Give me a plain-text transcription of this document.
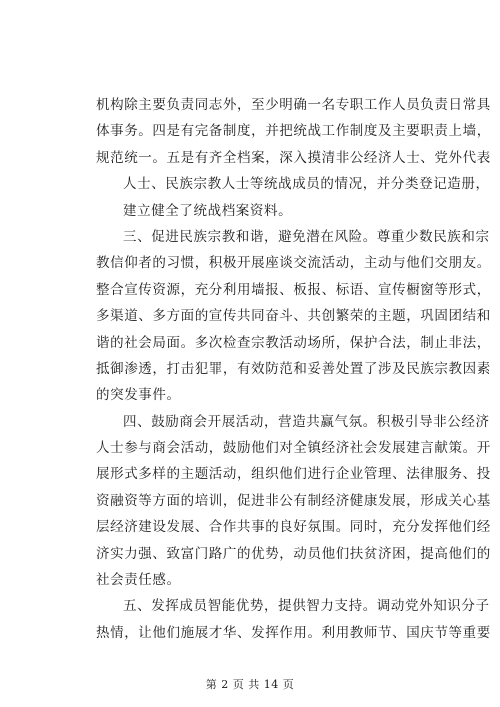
机构除主要负责同志外，至少明确一名专职工作人员负责日常具
体事务。四是有完备制度，并把统战工作制度及主要职责上墙，
规范统一。五是有齐全档案，深入摸清非公经济人士、党外代表
人士、民族宗教人士等统战成员的情况，并分类登记造册，
建立健全了统战档案资料。
三、促进民族宗教和谐，避免潜在风险。尊重少数民族和宗
教信仰者的习惯，积极开展座谈交流活动，主动与他们交朋友。
整合宣传资源，充分利用墙报、板报、标语、宣传橱窗等形式，
多渠道、多方面的宣传共同奋斗、共创繁荣的主题，巩固团结和
谐的社会局面。多次检查宗教活动场所，保护合法，制止非法，
抵御渗透，打击犯罪，有效防范和妥善处置了涉及民族宗教因素
的突发事件。
四、鼓励商会开展活动，营造共赢气氛。积极引导非公经济
人士参与商会活动，鼓励他们对全镇经济社会发展建言献策。开
展形式多样的主题活动，组织他们进行企业管理、法律服务、投
资融资等方面的培训，促进非公有制经济健康发展，形成关心基
层经济建设发展、合作共事的良好氛围。同时，充分发挥他们经
济实力强、致富门路广的优势，动员他们扶贫济困，提高他们的
社会责任感。
五、发挥成员智能优势，提供智力支持。调动党外知识分子
热情，让他们施展才华、发挥作用。利用教师节、国庆节等重要
第 2 页 共 14 页
